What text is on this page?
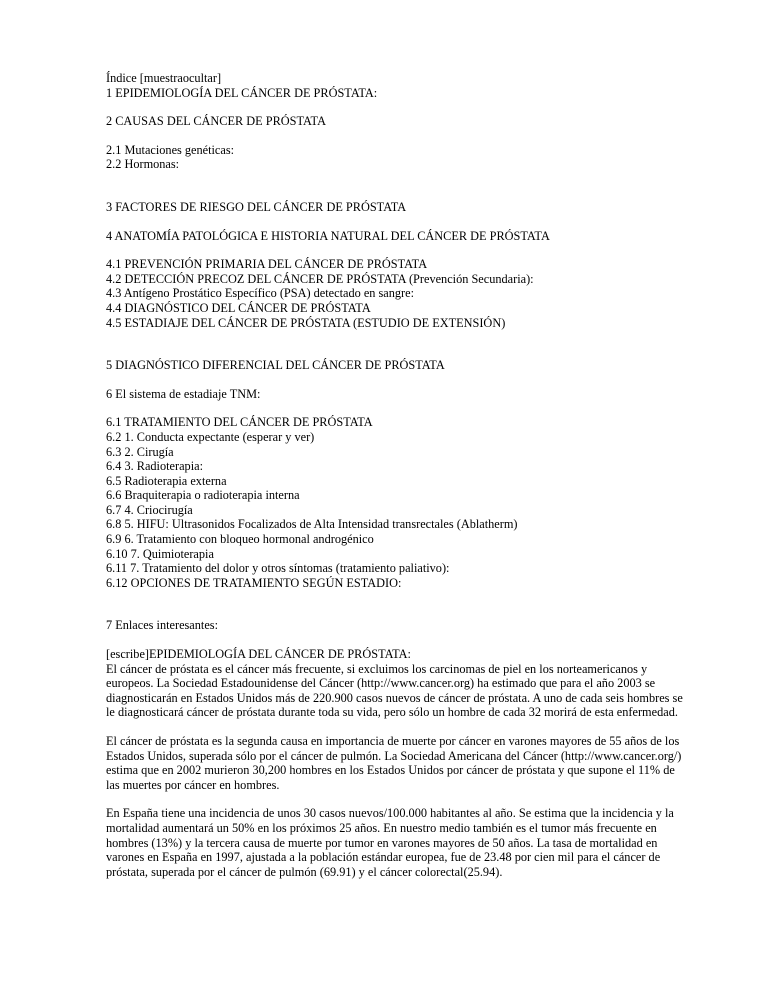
Índice [muestraocultar]
1 EPIDEMIOLOGÍA DEL CÁNCER DE PRÓSTATA:
2 CAUSAS DEL CÁNCER DE PRÓSTATA
2.1 Mutaciones genéticas:
2.2 Hormonas:
3 FACTORES DE RIESGO DEL CÁNCER DE PRÓSTATA
4 ANATOMÍA PATOLÓGICA E HISTORIA NATURAL DEL CÁNCER DE PRÓSTATA
4.1 PREVENCIÓN PRIMARIA DEL CÁNCER DE PRÓSTATA
4.2 DETECCIÓN PRECOZ DEL CÁNCER DE PRÓSTATA (Prevención Secundaria):
4.3 Antígeno Prostático Específico (PSA) detectado en sangre:
4.4 DIAGNÓSTICO DEL CÁNCER DE PRÓSTATA
4.5 ESTADIAJE DEL CÁNCER DE PRÓSTATA (ESTUDIO DE EXTENSIÓN)
5 DIAGNÓSTICO DIFERENCIAL DEL CÁNCER DE PRÓSTATA
6 El sistema de estadiaje TNM:
6.1 TRATAMIENTO DEL CÁNCER DE PRÓSTATA
6.2 1. Conducta expectante (esperar y ver)
6.3 2. Cirugía
6.4 3. Radioterapia:
6.5 Radioterapia externa
6.6 Braquiterapia o radioterapia interna
6.7 4. Criocirugía
6.8 5. HIFU: Ultrasonidos Focalizados de Alta Intensidad transrectales (Ablatherm)
6.9 6. Tratamiento con bloqueo hormonal androgénico
6.10 7. Quimioterapia
6.11 7. Tratamiento del dolor y otros síntomas (tratamiento paliativo):
6.12 OPCIONES DE TRATAMIENTO SEGÚN ESTADIO:
7 Enlaces interesantes:
[escribe]EPIDEMIOLOGÍA DEL CÁNCER DE PRÓSTATA:
El cáncer de próstata es el cáncer más frecuente, si excluimos los carcinomas de piel en los norteamericanos y
europeos. La Sociedad Estadounidense del Cáncer (http://www.cancer.org) ha estimado que para el año 2003 se
diagnosticarán en Estados Unidos más de 220.900 casos nuevos de cáncer de próstata. A uno de cada seis hombres se
le diagnosticará cáncer de próstata durante toda su vida, pero sólo un hombre de cada 32 morirá de esta enfermedad.
El cáncer de próstata es la segunda causa en importancia de muerte por cáncer en varones mayores de 55 años de los
Estados Unidos, superada sólo por el cáncer de pulmón. La Sociedad Americana del Cáncer (http://www.cancer.org/)
estima que en 2002 murieron 30,200 hombres en los Estados Unidos por cáncer de próstata y que supone el 11% de
las muertes por cáncer en hombres.
En España tiene una incidencia de unos 30 casos nuevos/100.000 habitantes al año. Se estima que la incidencia y la
mortalidad aumentará un 50% en los próximos 25 años. En nuestro medio también es el tumor más frecuente en
hombres (13%) y la tercera causa de muerte por tumor en varones mayores de 50 años. La tasa de mortalidad en
varones en España en 1997, ajustada a la población estándar europea, fue de 23.48 por cien mil para el cáncer de
próstata, superada por el cáncer de pulmón (69.91) y el cáncer colorectal(25.94).
